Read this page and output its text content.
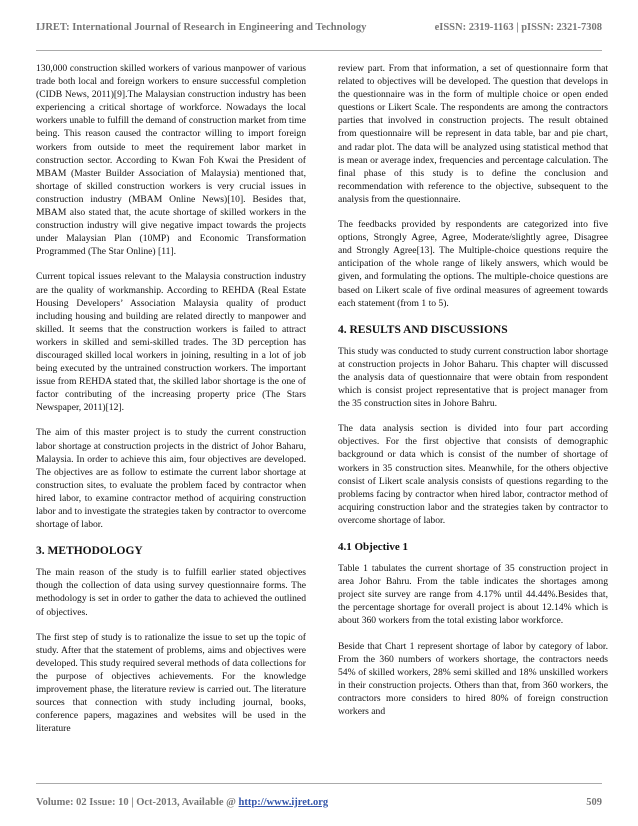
IJRET: International Journal of Research in Engineering and Technology	eISSN: 2319-1163 | pISSN: 2321-7308

130,000 construction skilled workers of various manpower of various trade both local and foreign workers to ensure successful completion (CIDB News, 2011)[9].The Malaysian construction industry has been experiencing a critical shortage of workforce. Nowadays the local workers unable to fulfill the demand of construction market from time being. This reason caused the contractor willing to import foreign workers from outside to meet the requirement labor market in construction sector. According to Kwan Foh Kwai the President of MBAM (Master Builder Association of Malaysia) mentioned that, shortage of skilled construction workers is very crucial issues in construction industry (MBAM Online News)[10]. Besides that, MBAM also stated that, the acute shortage of skilled workers in the construction industry will give negative impact towards the projects under Malaysian Plan (10MP) and Economic Transformation Programmed (The Star Online) [11].

Current topical issues relevant to the Malaysia construction industry are the quality of workmanship. According to REHDA (Real Estate Housing Developers’ Association Malaysia quality of product including housing and building are related directly to manpower and skilled. It seems that the construction workers is failed to attract workers in skilled and semi-skilled trades. The 3D perception has discouraged skilled local workers in joining, resulting in a lot of job being executed by the untrained construction workers. The important issue from REHDA stated that, the skilled labor shortage is the one of factor contributing of the increasing property price (The Stars Newspaper, 2011)[12].

The aim of this master project is to study the current construction labor shortage at construction projects in the district of Johor Baharu, Malaysia. In order to achieve this aim, four objectives are developed. The objectives are as follow to estimate the current labor shortage at construction sites, to evaluate the problem faced by contractor when hired labor, to examine contractor method of acquiring construction labor and to investigate the strategies taken by contractor to overcome shortage of labor.

3. METHODOLOGY

The main reason of the study is to fulfill earlier stated objectives though the collection of data using survey questionnaire forms. The methodology is set in order to gather the data to achieved the outlined of objectives.

The first step of study is to rationalize the issue to set up the topic of study. After that the statement of problems, aims and objectives were developed. This study required several methods of data collections for the purpose of objectives achievements. For the knowledge improvement phase, the literature review is carried out. The literature sources that connection with study including journal, books, conference papers, magazines and websites will be used in the literature

review part. From that information, a set of questionnaire form that related to objectives will be developed. The question that develops in the questionnaire was in the form of multiple choice or open ended questions or Likert Scale. The respondents are among the contractors parties that involved in construction projects. The result obtained from questionnaire will be represent in data table, bar and pie chart, and radar plot. The data will be analyzed using statistical method that is mean or average index, frequencies and percentage calculation. The final phase of this study is to define the conclusion and recommendation with reference to the objective, subsequent to the analysis from the questionnaire.

The feedbacks provided by respondents are categorized into five options, Strongly Agree, Agree, Moderate/slightly agree, Disagree and Strongly Agree[13]. The Multiple-choice questions require the anticipation of the whole range of likely answers, which would be given, and formulating the options. The multiple-choice questions are based on Likert scale of five ordinal measures of agreement towards each statement (from 1 to 5).

4. RESULTS AND DISCUSSIONS

This study was conducted to study current construction labor shortage at construction projects in Johor Baharu. This chapter will discussed the analysis data of questionnaire that were obtain from respondent which is consist project representative that is project manager from the 35 construction sites in Johore Bahru.

The data analysis section is divided into four part according objectives. For the first objective that consists of demographic background or data which is consist of the number of shortage of workers in 35 construction sites. Meanwhile, for the others objective consist of Likert scale analysis consists of questions regarding to the problems facing by contractor when hired labor, contractor method of acquiring construction labor and the strategies taken by contractor to overcome shortage of labor.

4.1 Objective 1

Table 1 tabulates the current shortage of 35 construction project in area Johor Bahru. From the table indicates the shortages among project site survey are range from 4.17% until 44.44%.Besides that, the percentage shortage for overall project is about 12.14% which is about 360 workers from the total existing labor workforce.

Beside that Chart 1 represent shortage of labor by category of labor. From the 360 numbers of workers shortage, the contractors needs 54% of skilled workers, 28% semi skilled and 18% unskilled workers in their construction projects. Others than that, from 360 workers, the contractors more considers to hired 80% of foreign construction workers and

Volume: 02 Issue: 10 | Oct-2013, Available @ http://www.ijret.org	509
